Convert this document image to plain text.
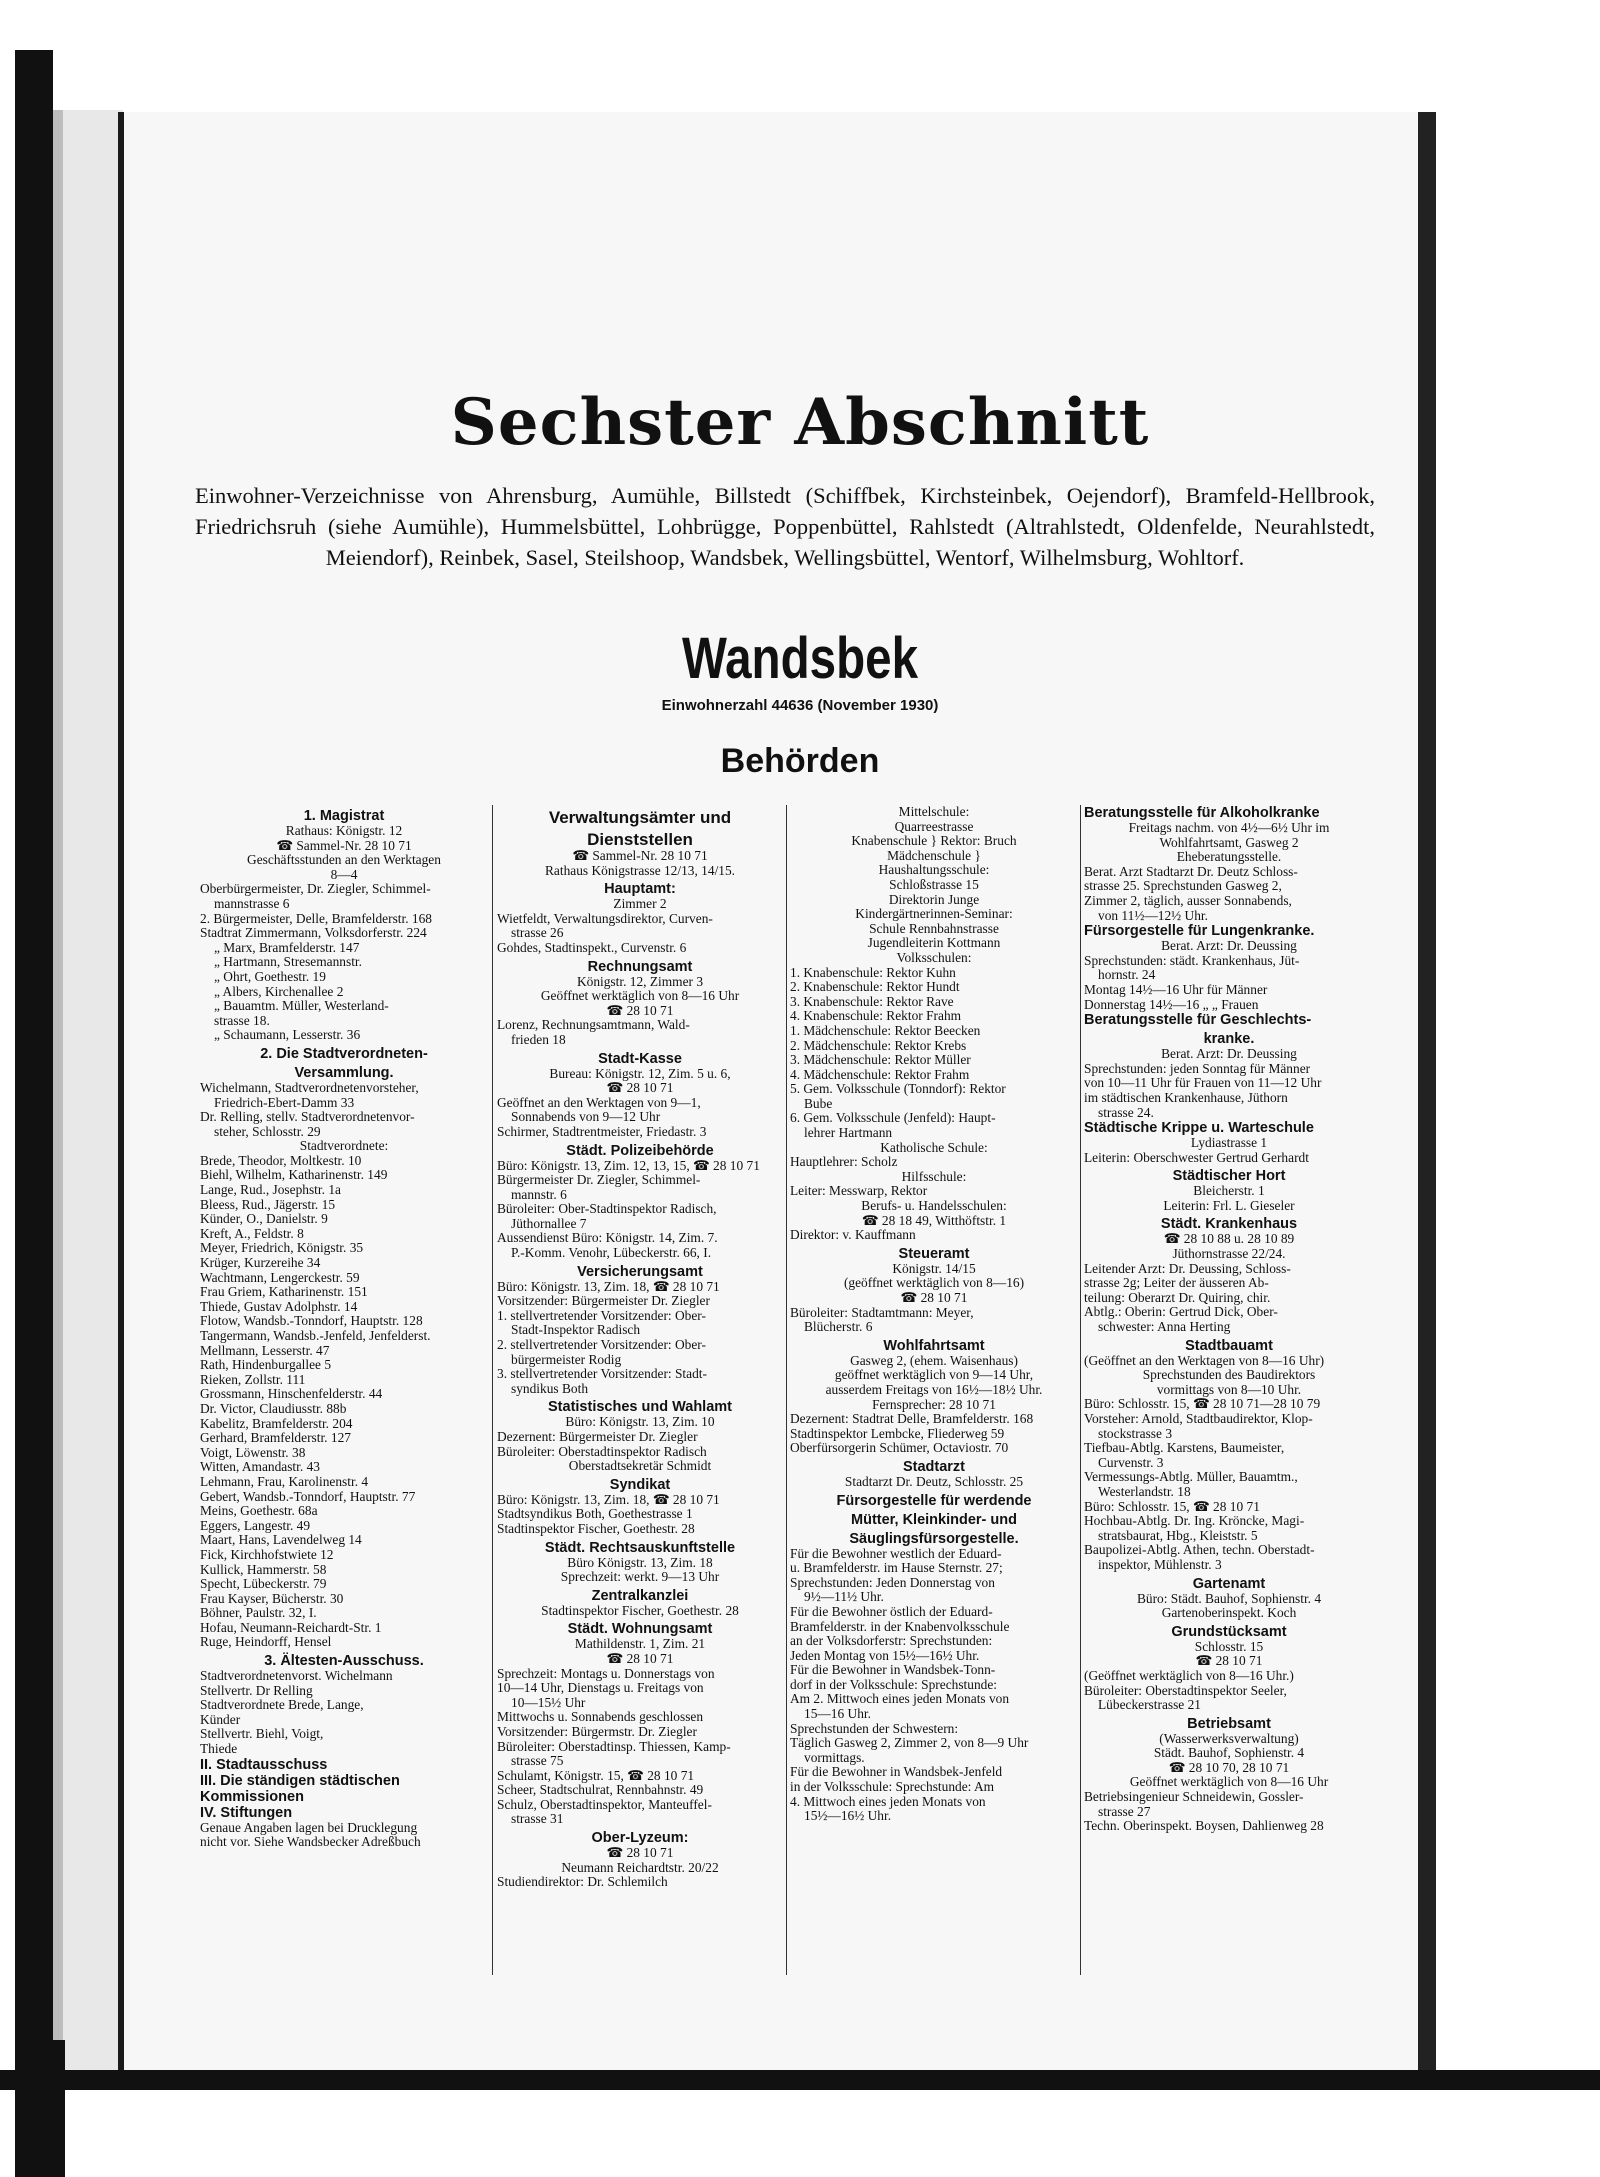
Sechster Abschnitt
Einwohner-Verzeichnisse von Ahrensburg, Aumühle, Billstedt (Schiffbek, Kirchsteinbek, Oejendorf), Bramfeld-Hellbrook, Friedrichsruh (siehe Aumühle), Hummelsbüttel, Lohbrügge, Poppenbüttel, Rahlstedt (Altrahlstedt, Oldenfelde, Neurahlstedt, Meiendorf), Reinbek, Sasel, Steilshoop, Wandsbek, Wellingsbüttel, Wentorf, Wilhelmsburg, Wohltorf.
Wandsbek
Einwohnerzahl 44636 (November 1930)
Behörden
1. Magistrat
Rathaus: Königstr. 12
☎ Sammel-Nr. 28 10 71
Geschäftsstunden an den Werktagen
8—4
Oberbürgermeister, Dr. Ziegler, Schimmel-
mannstrasse 6
2. Bürgermeister, Delle, Bramfelderstr. 168
Stadtrat Zimmermann, Volksdorferstr. 224
„ Marx, Bramfelderstr. 147
„ Hartmann, Stresemannstr.
„ Ohrt, Goethestr. 19
„ Albers, Kirchenallee 2
„ Bauamtm. Müller, Westerland-
strasse 18.
„ Schaumann, Lesserstr. 36
2. Die Stadtverordneten-
Versammlung.
Wichelmann, Stadtverordnetenvorsteher,
Friedrich-Ebert-Damm 33
Dr. Relling, stellv. Stadtverordnetenvor-
steher, Schlosstr. 29
Stadtverordnete:
Brede, Theodor, Moltkestr. 10
Biehl, Wilhelm, Katharinenstr. 149
Lange, Rud., Josephstr. 1a
Bleess, Rud., Jägerstr. 15
Künder, O., Danielstr. 9
Kreft, A., Feldstr. 8
Meyer, Friedrich, Königstr. 35
Krüger, Kurzereihe 34
Wachtmann, Lengerckestr. 59
Frau Griem, Katharinenstr. 151
Thiede, Gustav Adolphstr. 14
Flotow, Wandsb.-Tonndorf, Hauptstr. 128
Tangermann, Wandsb.-Jenfeld, Jenfelderst.
Mellmann, Lesserstr. 47
Rath, Hindenburgallee 5
Rieken, Zollstr. 111
Grossmann, Hinschenfelderstr. 44
Dr. Victor, Claudiusstr. 88b
Kabelitz, Bramfelderstr. 204
Gerhard, Bramfelderstr. 127
Voigt, Löwenstr. 38
Witten, Amandastr. 43
Lehmann, Frau, Karolinenstr. 4
Gebert, Wandsb.-Tonndorf, Hauptstr. 77
Meins, Goethestr. 68a
Eggers, Langestr. 49
Maart, Hans, Lavendelweg 14
Fick, Kirchhofstwiete 12
Kullick, Hammerstr. 58
Specht, Lübeckerstr. 79
Frau Kayser, Bücherstr. 30
Böhner, Paulstr. 32, I.
Hofau, Neumann-Reichardt-Str. 1
Ruge, Heindorff, Hensel
3. Ältesten-Ausschuss.
Stadtverordnetenvorst. Wichelmann
Stellvertr. Dr Relling
Stadtverordnete Brede, Lange,
Künder
Stellvertr. Biehl, Voigt,
Thiede
II. Stadtausschuss
III. Die ständigen städtischen
Kommissionen
IV. Stiftungen
Genaue Angaben lagen bei Drucklegung
nicht vor. Siehe Wandsbecker Adreßbuch
Verwaltungsämter und
Dienststellen
☎ Sammel-Nr. 28 10 71
Rathaus Königstrasse 12/13, 14/15.
Hauptamt:
Zimmer 2
Wietfeldt, Verwaltungsdirektor, Curven-
strasse 26
Gohdes, Stadtinspekt., Curvenstr. 6
Rechnungsamt
Königstr. 12, Zimmer 3
Geöffnet werktäglich von 8—16 Uhr
☎ 28 10 71
Lorenz, Rechnungsamtmann, Wald-
frieden 18
Stadt-Kasse
Bureau: Königstr. 12, Zim. 5 u. 6,
☎ 28 10 71
Geöffnet an den Werktagen von 9—1,
Sonnabends von 9—12 Uhr
Schirmer, Stadtrentmeister, Friedastr. 3
Städt. Polizeibehörde
Büro: Königstr. 13, Zim. 12, 13, 15, ☎ 28 10 71
Bürgermeister Dr. Ziegler, Schimmel-
mannstr. 6
Büroleiter: Ober-Stadtinspektor Radisch,
Jüthornallee 7
Aussendienst Büro: Königstr. 14, Zim. 7.
P.-Komm. Venohr, Lübeckerstr. 66, I.
Versicherungsamt
Büro: Königstr. 13, Zim. 18, ☎ 28 10 71
Vorsitzender: Bürgermeister Dr. Ziegler
1. stellvertretender Vorsitzender: Ober-
Stadt-Inspektor Radisch
2. stellvertretender Vorsitzender: Ober-
bürgermeister Rodig
3. stellvertretender Vorsitzender: Stadt-
syndikus Both
Statistisches und Wahlamt
Büro: Königstr. 13, Zim. 10
Dezernent: Bürgermeister Dr. Ziegler
Büroleiter: Oberstadtinspektor Radisch
Oberstadtsekretär Schmidt
Syndikat
Büro: Königstr. 13, Zim. 18, ☎ 28 10 71
Stadtsyndikus Both, Goethestrasse 1
Stadtinspektor Fischer, Goethestr. 28
Städt. Rechtsauskunftstelle
Büro Königstr. 13, Zim. 18
Sprechzeit: werkt. 9—13 Uhr
Zentralkanzlei
Stadtinspektor Fischer, Goethestr. 28
Städt. Wohnungsamt
Mathildenstr. 1, Zim. 21
☎ 28 10 71
Sprechzeit: Montags u. Donnerstags von
10—14 Uhr, Dienstags u. Freitags von
10—15½ Uhr
Mittwochs u. Sonnabends geschlossen
Vorsitzender: Bürgermstr. Dr. Ziegler
Büroleiter: Oberstadtinsp. Thiessen, Kamp-
strasse 75
Schulamt, Königstr. 15, ☎ 28 10 71
Scheer, Stadtschulrat, Rennbahnstr. 49
Schulz, Oberstadtinspektor, Manteuffel-
strasse 31
Ober-Lyzeum:
☎ 28 10 71
Neumann Reichardtstr. 20/22
Studiendirektor: Dr. Schlemilch
Mittelschule:
Quarreestrasse
Knabenschule } Rektor: Bruch
Mädchenschule }
Haushaltungsschule:
Schloßstrasse 15
Direktorin Junge
Kindergärtnerinnen-Seminar:
Schule Rennbahnstrasse
Jugendleiterin Kottmann
Volksschulen:
1. Knabenschule: Rektor Kuhn
2. Knabenschule: Rektor Hundt
3. Knabenschule: Rektor Rave
4. Knabenschule: Rektor Frahm
1. Mädchenschule: Rektor Beecken
2. Mädchenschule: Rektor Krebs
3. Mädchenschule: Rektor Müller
4. Mädchenschule: Rektor Frahm
5. Gem. Volksschule (Tonndorf): Rektor
Bube
6. Gem. Volksschule (Jenfeld): Haupt-
lehrer Hartmann
Katholische Schule:
Hauptlehrer: Scholz
Hilfsschule:
Leiter: Messwarp, Rektor
Berufs- u. Handelsschulen:
☎ 28 18 49, Witthöftstr. 1
Direktor: v. Kauffmann
Steueramt
Königstr. 14/15
(geöffnet werktäglich von 8—16)
☎ 28 10 71
Büroleiter: Stadtamtmann: Meyer,
Blücherstr. 6
Wohlfahrtsamt
Gasweg 2, (ehem. Waisenhaus)
geöffnet werktäglich von 9—14 Uhr,
ausserdem Freitags von 16½—18½ Uhr.
Fernsprecher: 28 10 71
Dezernent: Stadtrat Delle, Bramfelderstr. 168
Stadtinspektor Lembcke, Fliederweg 59
Oberfürsorgerin Schümer, Octaviostr. 70
Stadtarzt
Stadtarzt Dr. Deutz, Schlosstr. 25
Fürsorgestelle für werdende
Mütter, Kleinkinder- und
Säuglingsfürsorgestelle.
Für die Bewohner westlich der Eduard-
u. Bramfelderstr. im Hause Sternstr. 27;
Sprechstunden: Jeden Donnerstag von
9½—11½ Uhr.
Für die Bewohner östlich der Eduard-
Bramfelderstr. in der Knabenvolksschule
an der Volksdorferstr: Sprechstunden:
Jeden Montag von 15½—16½ Uhr.
Für die Bewohner in Wandsbek-Tonn-
dorf in der Volksschule: Sprechstunde:
Am 2. Mittwoch eines jeden Monats von
15—16 Uhr.
Sprechstunden der Schwestern:
Täglich Gasweg 2, Zimmer 2, von 8—9 Uhr
vormittags.
Für die Bewohner in Wandsbek-Jenfeld
in der Volksschule: Sprechstunde: Am
4. Mittwoch eines jeden Monats von
15½—16½ Uhr.
Beratungsstelle für Alkoholkranke
Freitags nachm. von 4½—6½ Uhr im
Wohlfahrtsamt, Gasweg 2
Eheberatungsstelle.
Berat. Arzt Stadtarzt Dr. Deutz Schloss-
strasse 25. Sprechstunden Gasweg 2,
Zimmer 2, täglich, ausser Sonnabends,
von 11½—12½ Uhr.
Fürsorgestelle für Lungenkranke.
Berat. Arzt: Dr. Deussing
Sprechstunden: städt. Krankenhaus, Jüt-
hornstr. 24
Montag 14½—16 Uhr für Männer
Donnerstag 14½—16 „ „ Frauen
Beratungsstelle für Geschlechts-
kranke.
Berat. Arzt: Dr. Deussing
Sprechstunden: jeden Sonntag für Männer
von 10—11 Uhr für Frauen von 11—12 Uhr
im städtischen Krankenhause, Jüthorn
strasse 24.
Städtische Krippe u. Warteschule
Lydiastrasse 1
Leiterin: Oberschwester Gertrud Gerhardt
Städtischer Hort
Bleicherstr. 1
Leiterin: Frl. L. Gieseler
Städt. Krankenhaus
☎ 28 10 88 u. 28 10 89
Jüthornstrasse 22/24.
Leitender Arzt: Dr. Deussing, Schloss-
strasse 2g; Leiter der äusseren Ab-
teilung: Oberarzt Dr. Quiring, chir.
Abtlg.: Oberin: Gertrud Dick, Ober-
schwester: Anna Herting
Stadtbauamt
(Geöffnet an den Werktagen von 8—16 Uhr)
Sprechstunden des Baudirektors
vormittags von 8—10 Uhr.
Büro: Schlosstr. 15, ☎ 28 10 71—28 10 79
Vorsteher: Arnold, Stadtbaudirektor, Klop-
stockstrasse 3
Tiefbau-Abtlg. Karstens, Baumeister,
Curvenstr. 3
Vermessungs-Abtlg. Müller, Bauamtm.,
Westerlandstr. 18
Büro: Schlosstr. 15, ☎ 28 10 71
Hochbau-Abtlg. Dr. Ing. Kröncke, Magi-
stratsbaurat, Hbg., Kleiststr. 5
Baupolizei-Abtlg. Athen, techn. Oberstadt-
inspektor, Mühlenstr. 3
Gartenamt
Büro: Städt. Bauhof, Sophienstr. 4
Gartenoberinspekt. Koch
Grundstücksamt
Schlosstr. 15
☎ 28 10 71
(Geöffnet werktäglich von 8—16 Uhr.)
Büroleiter: Oberstadtinspektor Seeler,
Lübeckerstrasse 21
Betriebsamt
(Wasserwerksverwaltung)
Städt. Bauhof, Sophienstr. 4
☎ 28 10 70, 28 10 71
Geöffnet werktäglich von 8—16 Uhr
Betriebsingenieur Schneidewin, Gossler-
strasse 27
Techn. Oberinspekt. Boysen, Dahlienweg 28
